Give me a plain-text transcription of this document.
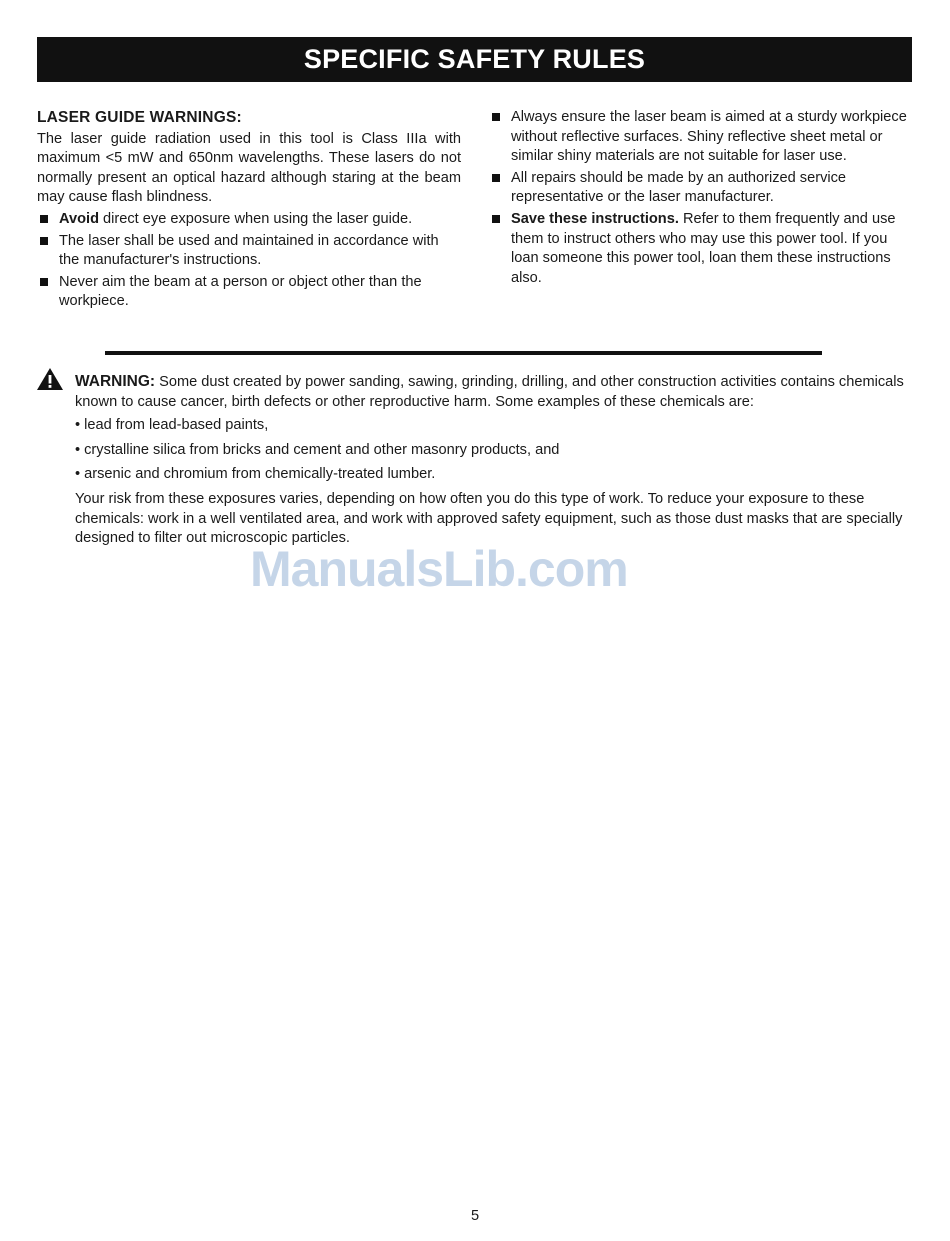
SPECIFIC SAFETY RULES
LASER GUIDE WARNINGS:

The laser guide radiation used in this tool is Class IIIa with maximum <5 mW and 650nm wavelengths. These lasers do not normally present an optical hazard although staring at the beam may cause flash blindness.

Avoid direct eye exposure when using the laser guide.
The laser shall be used and maintained in accordance with the manufacturer's instructions.
Never aim the beam at a person or object other than the workpiece.
Always ensure the laser beam is aimed at a sturdy workpiece without reflective surfaces. Shiny reflective sheet metal or similar shiny materials are not suitable for laser use.
All repairs should be made by an authorized service representative or the laser manufacturer.
Save these instructions. Refer to them frequently and use them to instruct others who may use this power tool. If you loan someone this power tool, loan them these instructions also.

WARNING: Some dust created by power sanding, sawing, grinding, drilling, and other construction activities contains chemicals known to cause cancer, birth defects or other reproductive harm. Some examples of these chemicals are:

• lead from lead-based paints,
• crystalline silica from bricks and cement and other masonry products, and
• arsenic and chromium from chemically-treated lumber.

Your risk from these exposures varies, depending on how often you do this type of work. To reduce your exposure to these chemicals: work in a well ventilated area, and work with approved safety equipment, such as those dust masks that are specially designed to filter out microscopic particles.

ManualsLib.com
5
